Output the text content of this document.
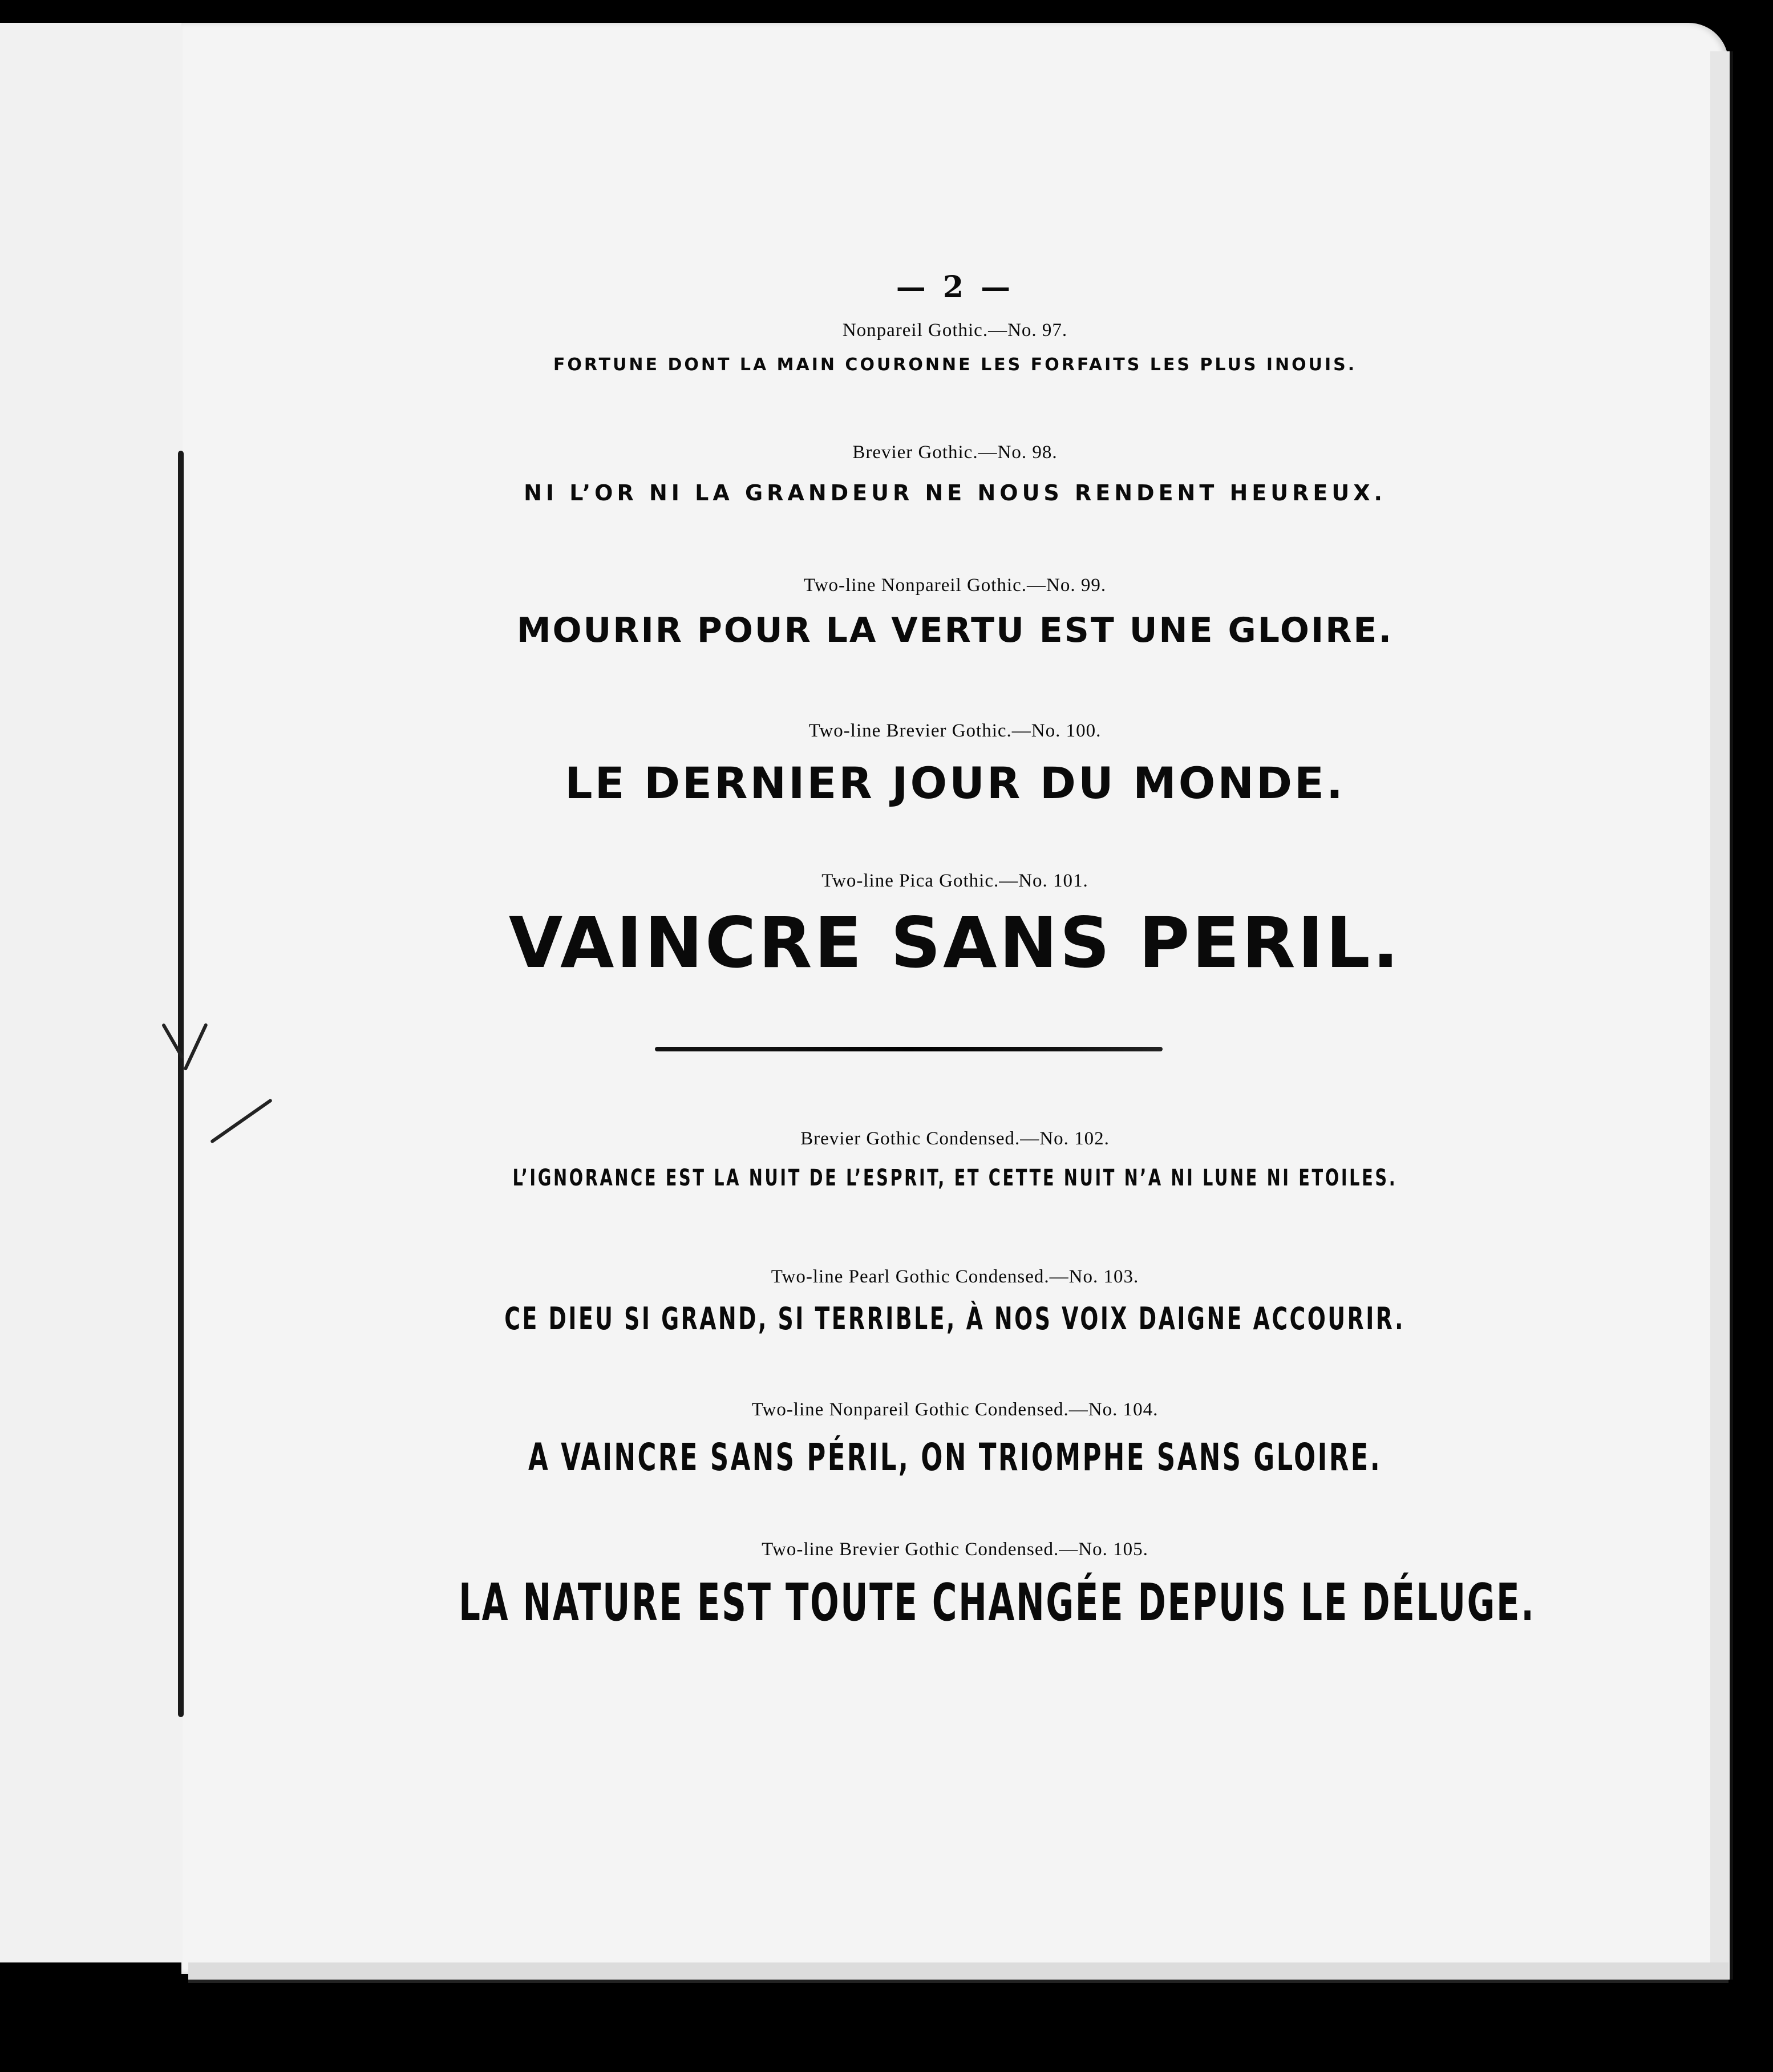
— 2 —
Nonpareil Gothic.—No. 97.
FORTUNE DONT LA MAIN COURONNE LES FORFAITS LES PLUS INOUIS.
Brevier Gothic.—No. 98.
NI L’OR NI LA GRANDEUR NE NOUS RENDENT HEUREUX.
Two-line Nonpareil Gothic.—No. 99.
MOURIR POUR LA VERTU EST UNE GLOIRE.
Two-line Brevier Gothic.—No. 100.
LE DERNIER JOUR DU MONDE.
Two-line Pica Gothic.—No. 101.
VAINCRE SANS PERIL.
Brevier Gothic Condensed.—No. 102.
L’IGNORANCE EST LA NUIT DE L’ESPRIT, ET CETTE NUIT N’A NI LUNE NI ETOILES.
Two-line Pearl Gothic Condensed.—No. 103.
CE DIEU SI GRAND, SI TERRIBLE, À NOS VOIX DAIGNE ACCOURIR.
Two-line Nonpareil Gothic Condensed.—No. 104.
A VAINCRE SANS PÉRIL, ON TRIOMPHE SANS GLOIRE.
Two-line Brevier Gothic Condensed.—No. 105.
LA NATURE EST TOUTE CHANGÉE DEPUIS LE DÉLUGE.
